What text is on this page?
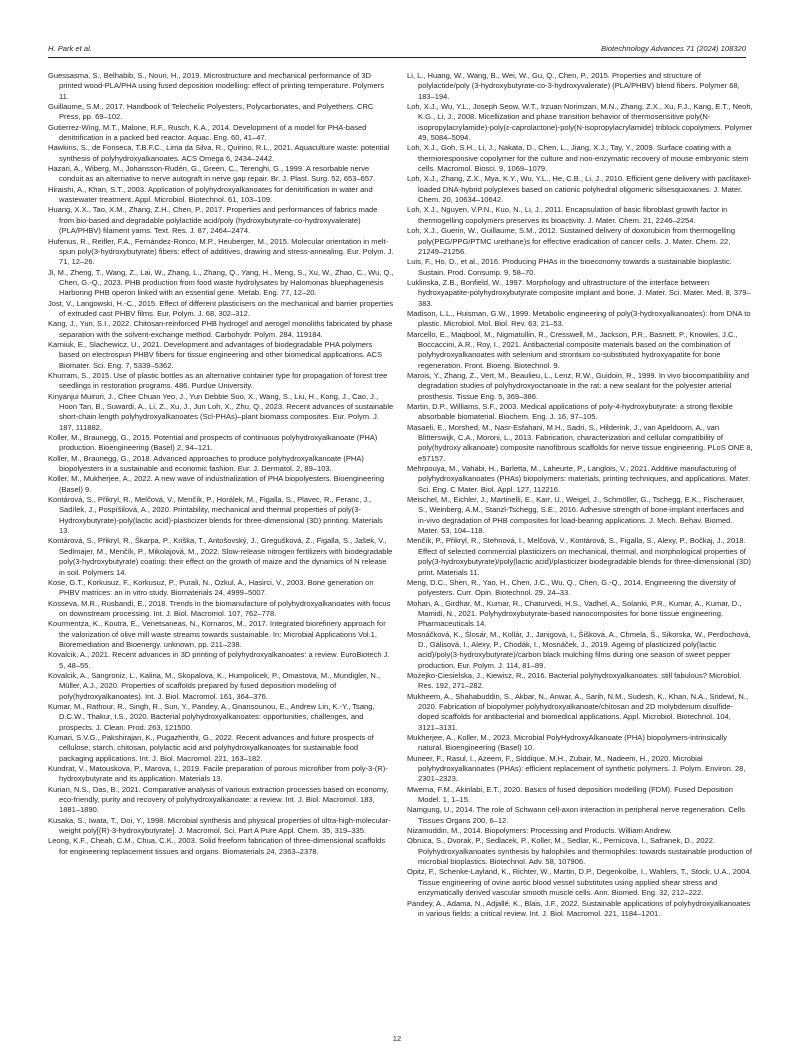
H. Park et al.	Biotechnology Advances 71 (2024) 108320

Guessasma, S., Belhabib, S., Nouri, H., 2019. Microstructure and mechanical performance of 3D printed wood-PLA/PHA using fused deposition modelling: effect of printing temperature. Polymers 11.

Guillaume, S.M., 2017. Handbook of Telechelic Polyesters, Polycarbonates, and Polyethers. CRC Press, pp. 69–102.

Gutierrez-Wing, M.T., Malone, R.F., Rusch, K.A., 2014. Development of a model for PHA-based denitrification in a packed bed reactor. Aquac. Eng. 60, 41–47.

Hawkins, S., de Fonseca, T.B.F.C., Lima da Silva, R., Quirino, R.L., 2021. Aquaculture waste: potential synthesis of polyhydroxyalkanoates. ACS Omega 6, 2434–2442.

Hazari, A., Wiberg, M., Johansson-Rudén, G., Green, C., Terenghi, G., 1999. A resorbable nerve conduit as an alternative to nerve autograft in nerve gap repair. Br. J. Plast. Surg. 52, 653–657.

Hiraishi, A., Khan, S.T., 2003. Application of polyhydroxyalkanoates for denitrification in water and wastewater treatment. Appl. Microbiol. Biotechnol. 61, 103–109.

Huang, X.X., Tao, X.M., Zhang, Z.H., Chen, P., 2017. Properties and performances of fabrics made from bio-based and degradable polylactide acid/poly (hydroxybutyrate-co-hydroxyvalerate) (PLA/PHBV) filament yarns. Text. Res. J. 87, 2464–2474.

Hufenus, R., Reifler, F.A., Fernández-Ronco, M.P., Heuberger, M., 2015. Molecular orientation in melt-spun poly(3-hydroxybutyrate) fibers: effect of additives, drawing and stress-annealing. Eur. Polym. J. 71, 12–26.

Ji, M., Zheng, T., Wang, Z., Lai, W., Zhang, L., Zhang, Q., Yang, H., Meng, S., Xu, W., Zhao, C., Wu, Q., Chen, G.-Q., 2023. PHB production from food waste hydrolysates by Halomonas bluephagenesis Harboring PHB operon linked with an essential gene. Metab. Eng. 77, 12–20.

Jost, V., Langowski, H.-C., 2015. Effect of different plasticisers on the mechanical and barrier properties of extruded cast PHBV films. Eur. Polym. J. 68, 302–312.

Kang, J., Yun, S.I., 2022. Chitosan-reinforced PHB hydrogel and aerogel monoliths fabricated by phase separation with the solvent-exchange method. Carbohydr. Polym. 284, 119184.

Karniuk, E., Slachewicz, U., 2021. Development and advantages of biodegradable PHA polymers based on electrospun PHBV fibers for tissue engineering and other biomedical applications. ACS Biomater. Sci. Eng. 7, 5339–5362.

Khurram, S., 2015. Use of plastic bottles as an alternative container type for propagation of forest tree seedlings in restoration programs. 486. Purdue University.

Kinyanjui Muiruri, J., Chee Chuan Yeo, J., Yun Debbie Soo, X., Wang, S., Liu, H., Kong, J., Cao, J., Hoon Tan, B., Suwardi, A., Li, Z., Xu, J., Jun Loh, X., Zhu, Q., 2023. Recent advances of sustainable short-chain length polyhydroxyalkanoates (Scl-PHAs)–plant biomass composites. Eur. Polym. J. 187, 111882.

Koller, M., Braunegg, G., 2015. Potential and prospects of continuous polyhydroxyalkanoate (PHA) production. Bioengineering (Basel) 2, 94–121.

Koller, M., Braunegg, G., 2018. Advanced approaches to produce polyhydroxyalkanoate (PHA) biopolyesters in a sustainable and economic fashion. Eur. J. Dermatol. 2, 89–103.

Koller, M., Mukherjee, A., 2022. A new wave of industrialization of PHA biopolyesters. Bioengineering (Basel) 9.

Kontárová, S., Přikryl, R., Melčová, V., Menčík, P., Horálek, M., Figalla, S., Plavec, R., Feranc, J., Sadílek, J., Pospíšilová, A., 2020. Printability, mechanical and thermal properties of poly(3-Hydroxybutyrate)-poly(lactic acid)-plasticizer blends for three-dimensional (3D) printing. Materials 13.

Kontárová, S., Přikryl, R., Škarpa, P., Kriška, T., Antošovský, J., Gregušková, Z., Figalla, S., Jašek, V., Sedlmajer, M., Menčík, P., Mikolajová, M., 2022. Slow-release nitrogen fertilizers with biodegradable poly(3-hydroxybutyrate) coating: their effect on the growth of maize and the dynamics of N release in soil. Polymers 14.

Kose, G.T., Korkusuz, F., Korkusuz, P., Purali, N., Ozkul, A., Hasirci, V., 2003. Bone generation on PHBV matrices: an in vitro study. Biomaterials 24, 4999–5007.

Kosseva, M.R., Rusbandi, E., 2018. Trends in the biomanufacture of polyhydroxyalkanoates with focus on downstream processing. Int. J. Biol. Macromol. 107, 762–778.

Kourmentza, K., Koutra, E., Venetsaneas, N., Kornaros, M., 2017. Integrated biorefinery approach for the valorization of olive mill waste streams towards sustainable. In: Microbial Applications Vol.1, Bioremediation and Bioenergy. unknown, pp. 211–238.

Kovalcik, A., 2021. Recent advances in 3D printing of polyhydroxyalkanoates: a review. EuroBiotech J. 5, 48–55.

Kovalcik, A., Sangroniz, L., Kalina, M., Skopalova, K., Humpolicek, P., Omastova, M., Mundigler, N., Müller, A.J., 2020. Properties of scaffolds prepared by fused deposition modeling of poly(hydroxyalkanoates). Int. J. Biol. Macromol. 161, 364–376.

Kumar, M., Rathour, R., Singh, R., Sun, Y., Pandey, A., Gnansounou, E., Andrew Lin, K.-Y., Tsang, D.C.W., Thakur, I.S., 2020. Bacterial polyhydroxyalkanoates: opportunities, challenges, and prospects. J. Clean. Prod. 263, 121500.

Kumari, S.V.G., Pakshirajan, K., Pugazhenthi, G., 2022. Recent advances and future prospects of cellulose, starch, chitosan, polylactic acid and polyhydroxyalkanoates for sustainable food packaging applications. Int. J. Biol. Macromol. 221, 163–182.

Kundrat, V., Matouskova, P., Marova, I., 2019. Facile preparation of porous microfiber from poly-3-(R)-hydroxybutyrate and its application. Materials 13.

Kurian, N.S., Das, B., 2021. Comparative analysis of various extraction processes based on economy, eco-friendly, purity and recovery of polyhydroxyalkanoate: a review. Int. J. Biol. Macromol. 183, 1881–1890.

Kusaka, S., Iwata, T., Doi, Y., 1998. Microbial synthesis and physical properties of ultra-high-molecular-weight poly[(R)-3-hydroxybutyrate]. J. Macromol. Sci. Part A Pure Appl. Chem. 35, 319–335.

Leong, K.F., Cheah, C.M., Chua, C.K., 2003. Solid freeform fabrication of three-dimensional scaffolds for engineering replacement tissues and organs. Biomaterials 24, 2363–2378.

Li, L., Huang, W., Wang, B., Wei, W., Gu, Q., Chen, P., 2015. Properties and structure of polylactide/poly (3-hydroxybutyrate-co-3-hydroxyvalerate) (PLA/PHBV) blend fibers. Polymer 68, 183–194.

Loh, X.J., Wu, Y.L., Joseph Seow, W.T., Irzuan Norimzan, M.N., Zhang, Z.X., Xu, F.J., Kang, E.T., Neoh, K.G., Li, J., 2008. Micellization and phase transition behavior of thermosensitive poly(N-isopropylacrylamide)-poly(ε-caprolactone)-poly(N-isopropylacrylamide) triblock copolymers. Polymer 49, 5084–5094.

Loh, X.J., Goh, S.H., Li, J., Nakata, D., Chen, L., Jiang, X.J., Tay, Y., 2009. Surface coating with a thermoresponsive copolymer for the culture and non-enzymatic recovery of mouse embryonic stem cells. Macromol. Biosci. 9, 1069–1079.

Loh, X.J., Zhang, Z.X., Mya, K.Y., Wu, Y.L., He, C.B., Li, J., 2010. Efficient gene delivery with paclitaxel-loaded DNA-hybrid polyplexes based on cationic polyhedral oligomeric silsesquioxanes. J. Mater. Chem. 20, 10634–10642.

Loh, X.J., Nguyen, V.P.N., Kuo, N., Li, J., 2011. Encapsulation of basic fibroblast growth factor in thermogelling copolymers preserves its bioactivity. J. Mater. Chem. 21, 2246–2254.

Loh, X.J., Guerin, W., Guillaume, S.M., 2012. Sustained delivery of doxorubicin from thermogelling poly(PEG/PPG/PTMC urethane)s for effective eradication of cancer cells. J. Mater. Chem. 22, 21249–21256.

Luis, F., Ho, D., et al., 2016. Producing PHAs in the bioeconomy towards a sustainable bioplastic. Sustain. Prod. Consump. 9, 58–70.

Luklinska, Z.B., Bonfield, W., 1997. Morphology and ultrastructure of the interface between hydroxyapatite-polyhydroxybutyrate composite implant and bone. J. Mater. Sci. Mater. Med. 8, 379–383.

Madison, L.L., Huisman, G.W., 1999. Metabolic engineering of poly(3-hydroxyalkanoates): from DNA to plastic. Microbiol. Mol. Biol. Rev. 63, 21–53.

Marcello, E., Maqbool, M., Nigmatullin, R., Cresswell, M., Jackson, P.R., Basnett, P., Knowles, J.C., Boccaccini, A.R., Roy, I., 2021. Antibacterial composite materials based on the combination of polyhydroxyalkanoates with selenium and strontium co-substituted hydroxyapatite for bone regeneration. Front. Bioeng. Biotechnol. 9.

Marois, Y., Zhang, Z., Vert, M., Beaulieu, L., Lenz, R.W., Guidoin, R., 1999. In vivo biocompatibility and degradation studies of polyhydroxyoctanoate in the rat: a new sealant for the polyester arterial prosthesis. Tissue Eng. 5, 369–386.

Martin, D.P., Williams, S.F., 2003. Medical applications of poly-4-hydroxybutyrate: a strong flexible absorbable biomaterial. Biochem. Eng. J. 16, 97–105.

Masaeli, E., Morshed, M., Nasr-Esfahani, M.H., Sadri, S., Hilderink, J., van Apeldoorn, A., van Blitterswijk, C.A., Moroni, L., 2013. Fabrication, characterization and cellular compatibility of poly(hydroxy alkanoate) composite nanofibrous scaffolds for nerve tissue engineering. PLoS ONE 8, e57157.

Mehrpouya, M., Vahabi, H., Barletta, M., Laheurte, P., Langlois, V., 2021. Additive manufacturing of polyhydroxyalkanoates (PHAs) biopolymers: materials, printing techniques, and applications. Mater. Sci. Eng. C Mater. Biol. Appl. 127, 112216.

Meischel, M., Eichler, J., Martinelli, E., Karr, U., Weigel, J., Schmöller, G., Tschegg, E.K., Fischerauer, S., Weinberg, A.M., Stanzl-Tschegg, S.E., 2016. Adhesive strength of bone-implant interfaces and in-vivo degradation of PHB composites for load-bearing applications. J. Mech. Behav. Biomed. Mater. 53, 104–118.

Menčík, P., Přikryl, R., Stehnová, I., Melčová, V., Kontárová, S., Figalla, S., Alexy, P., Bočkaj, J., 2018. Effect of selected commercial plasticizers on mechanical, thermal, and morphological properties of poly(3-hydroxybutyrate)/poly(lactic acid)/plasticizer biodegradable blends for three-dimensional (3D) print. Materials 11.

Meng, D.C., Shen, R., Yao, H., Chen, J.C., Wu, Q., Chen, G.-Q., 2014. Engineering the diversity of polyesters. Curr. Opin. Biotechnol. 29, 24–33.

Mohan, A., Girdhar, M., Kumar, R., Chaturvedi, H.S., Vadhel, A., Solanki, P.R., Kumar, A., Kumar, D., Mamidi, N., 2021. Polyhydroxybutyrate-based nanocomposites for bone tissue engineering. Pharmaceuticals 14.

Mosnáčková, K., Šlosár, M., Kollár, J., Janigová, I., Šišková, A., Chmela, Š., Sikorska, W., Perďochová, D., Gálisová, I., Alexy, P., Chodák, I., Mosnáček, J., 2019. Ageing of plasticized poly(lactic acid)/poly(3-hydroxybutyrate)/carbon black mulching films during one season of sweet pepper production. Eur. Polym. J. 114, 81–89.

Możejko-Ciesielska, J., Kiewisz, R., 2016. Bacterial polyhydroxyalkanoates: still fabulous? Microbiol. Res. 192, 271–282.

Mukheem, A., Shahabuddin, S., Akbar, N., Anwar, A., Sarih, N.M., Sudesh, K., Khan, N.A., Sridewi, N., 2020. Fabrication of biopolymer polyhydroxyalkanoate/chitosan and 2D molybdenum disulfide-doped scaffolds for antibacterial and biomedical applications. Appl. Microbiol. Biotechnol. 104, 3121–3131.

Mukherjee, A., Koller, M., 2023. Microbial PolyHydroxyAlkanoate (PHA) biopolymers-intrinsically natural. Bioengineering (Basel) 10.

Muneer, F., Rasul, I., Azeem, F., Siddique, M.H., Zubair, M., Nadeem, H., 2020. Microbial polyhydroxyalkanoates (PHAs): efficient replacement of synthetic polymers. J. Polym. Environ. 28, 2301–2323.

Mwema, F.M., Akinlabi, E.T., 2020. Basics of fused deposition modelling (FDM). Fused Deposition Model. 1, 1–15.

Namgung, U., 2014. The role of Schwann cell-axon interaction in peripheral nerve regeneration. Cells Tissues Organs 200, 6–12.

Nizamuddin, M., 2014. Biopolymers: Processing and Products. William Andrew.

Obruca, S., Dvorak, P., Sedlacek, P., Koller, M., Sedlar, K., Pernicova, I., Safranek, D., 2022. Polyhydroxyalkanoates synthesis by halophiles and thermophiles: towards sustainable production of microbial bioplastics. Biotechnol. Adv. 58, 107906.

Opitz, F., Schenke-Layland, K., Richter, W., Martin, D.P., Degenkolbe, I., Wahlers, T., Stock, U.A., 2004. Tissue engineering of ovine aortic blood vessel substitutes using applied shear stress and enzymatically derived vascular smooth muscle cells. Ann. Biomed. Eng. 32, 212–222.

Pandey, A., Adama, N., Adjallé, K., Blais, J.F., 2022. Sustainable applications of polyhydroxyalkanoates in various fields: a critical review. Int. J. Biol. Macromol. 221, 1184–1201.

12
